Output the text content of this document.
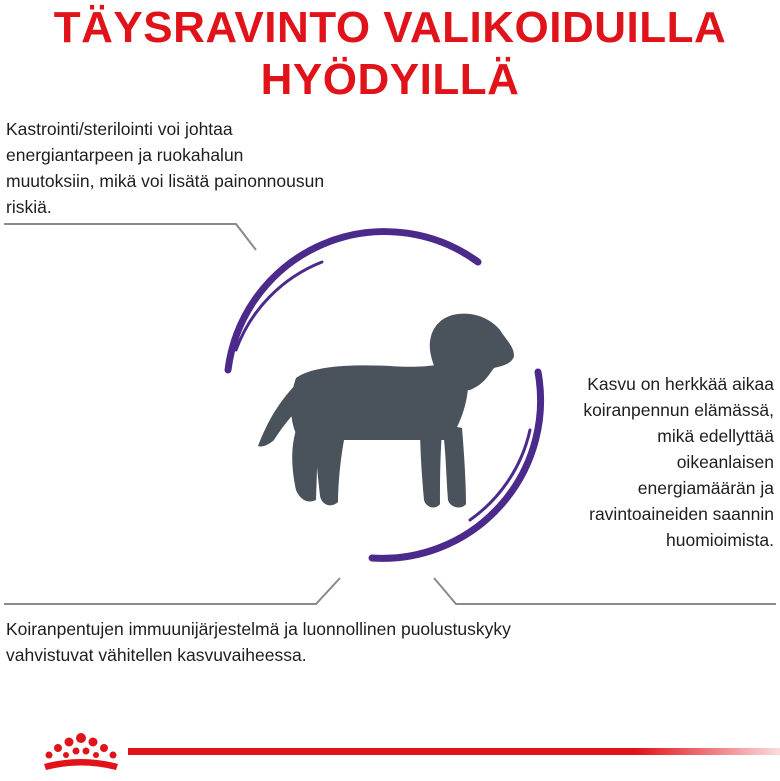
TÄYSRAVINTO VALIKOIDUILLA
HYÖDYILLÄ
Kastrointi/sterilointi voi johtaa energiantarpeen ja ruokahalun muutoksiin, mikä voi lisätä painonnousun riskiä.
Kasvu on herkkää aikaa koiranpennun elämässä, mikä edellyttää oikeanlaisen energiamäärän ja ravintoaineiden saannin huomioimista.
Koiranpentujen immuunijärjestelmä ja luonnollinen puolustuskyky vahvistuvat vähitellen kasvuvaiheessa.
